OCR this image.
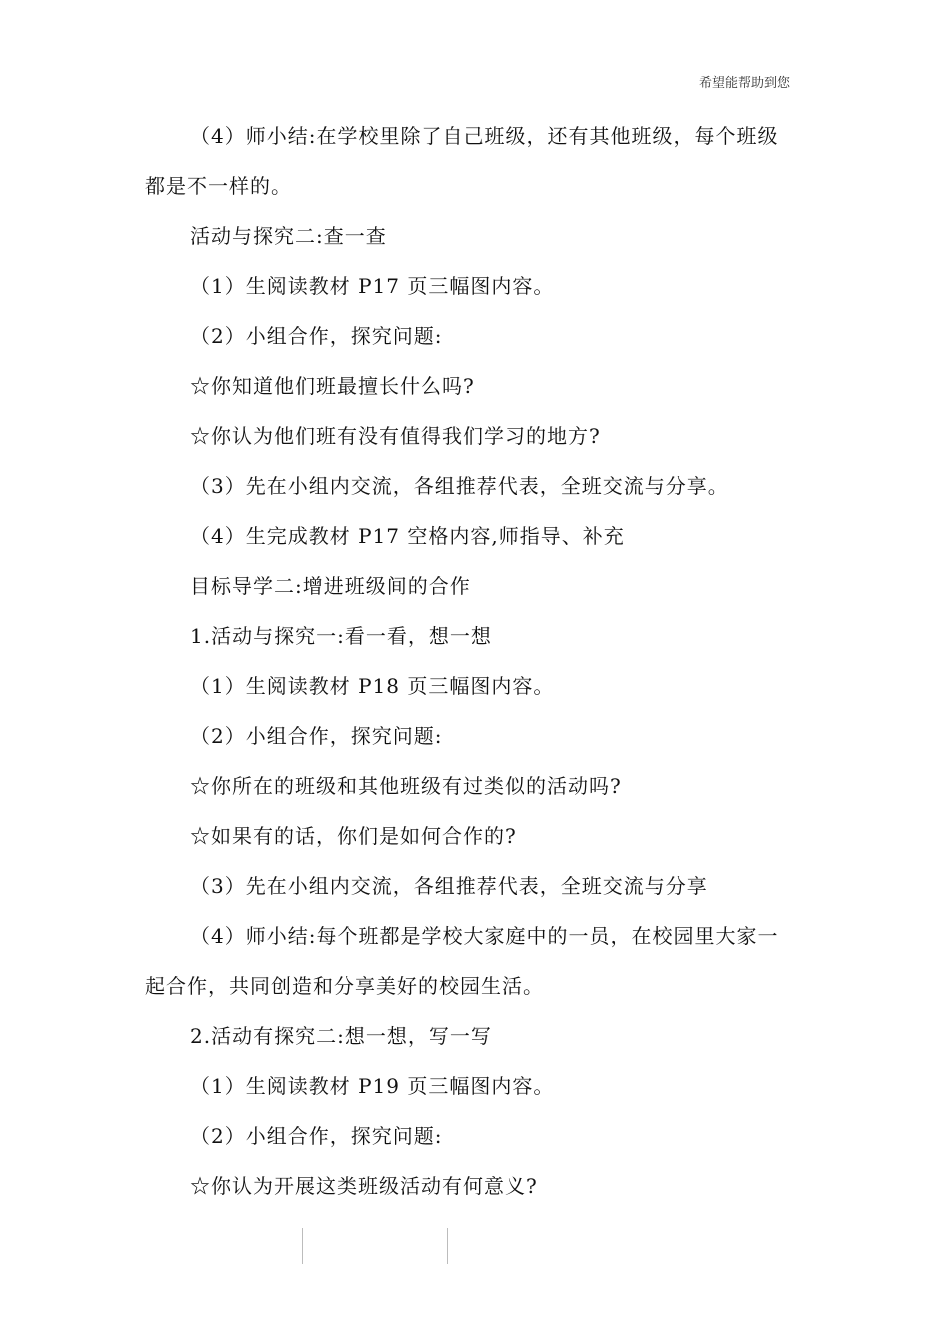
希望能帮助到您
（4）师小结:在学校里除了自己班级，还有其他班级，每个班级
都是不一样的。
活动与探究二:查一查
（1）生阅读教材 P17 页三幅图内容。
（2）小组合作，探究问题:
☆你知道他们班最擅长什么吗?
☆你认为他们班有没有值得我们学习的地方?
（3）先在小组内交流，各组推荐代表，全班交流与分享。
（4）生完成教材 P17 空格内容,师指导、补充
目标导学二:增进班级间的合作
1.活动与探究一:看一看，想一想
（1）生阅读教材 P18 页三幅图内容。
（2）小组合作，探究问题:
☆你所在的班级和其他班级有过类似的活动吗?
☆如果有的话，你们是如何合作的?
（3）先在小组内交流，各组推荐代表，全班交流与分享
（4）师小结:每个班都是学校大家庭中的一员，在校园里大家一
起合作，共同创造和分享美好的校园生活。
2.活动有探究二:想一想，写一写
（1）生阅读教材 P19 页三幅图内容。
（2）小组合作，探究问题:
☆你认为开展这类班级活动有何意义?
